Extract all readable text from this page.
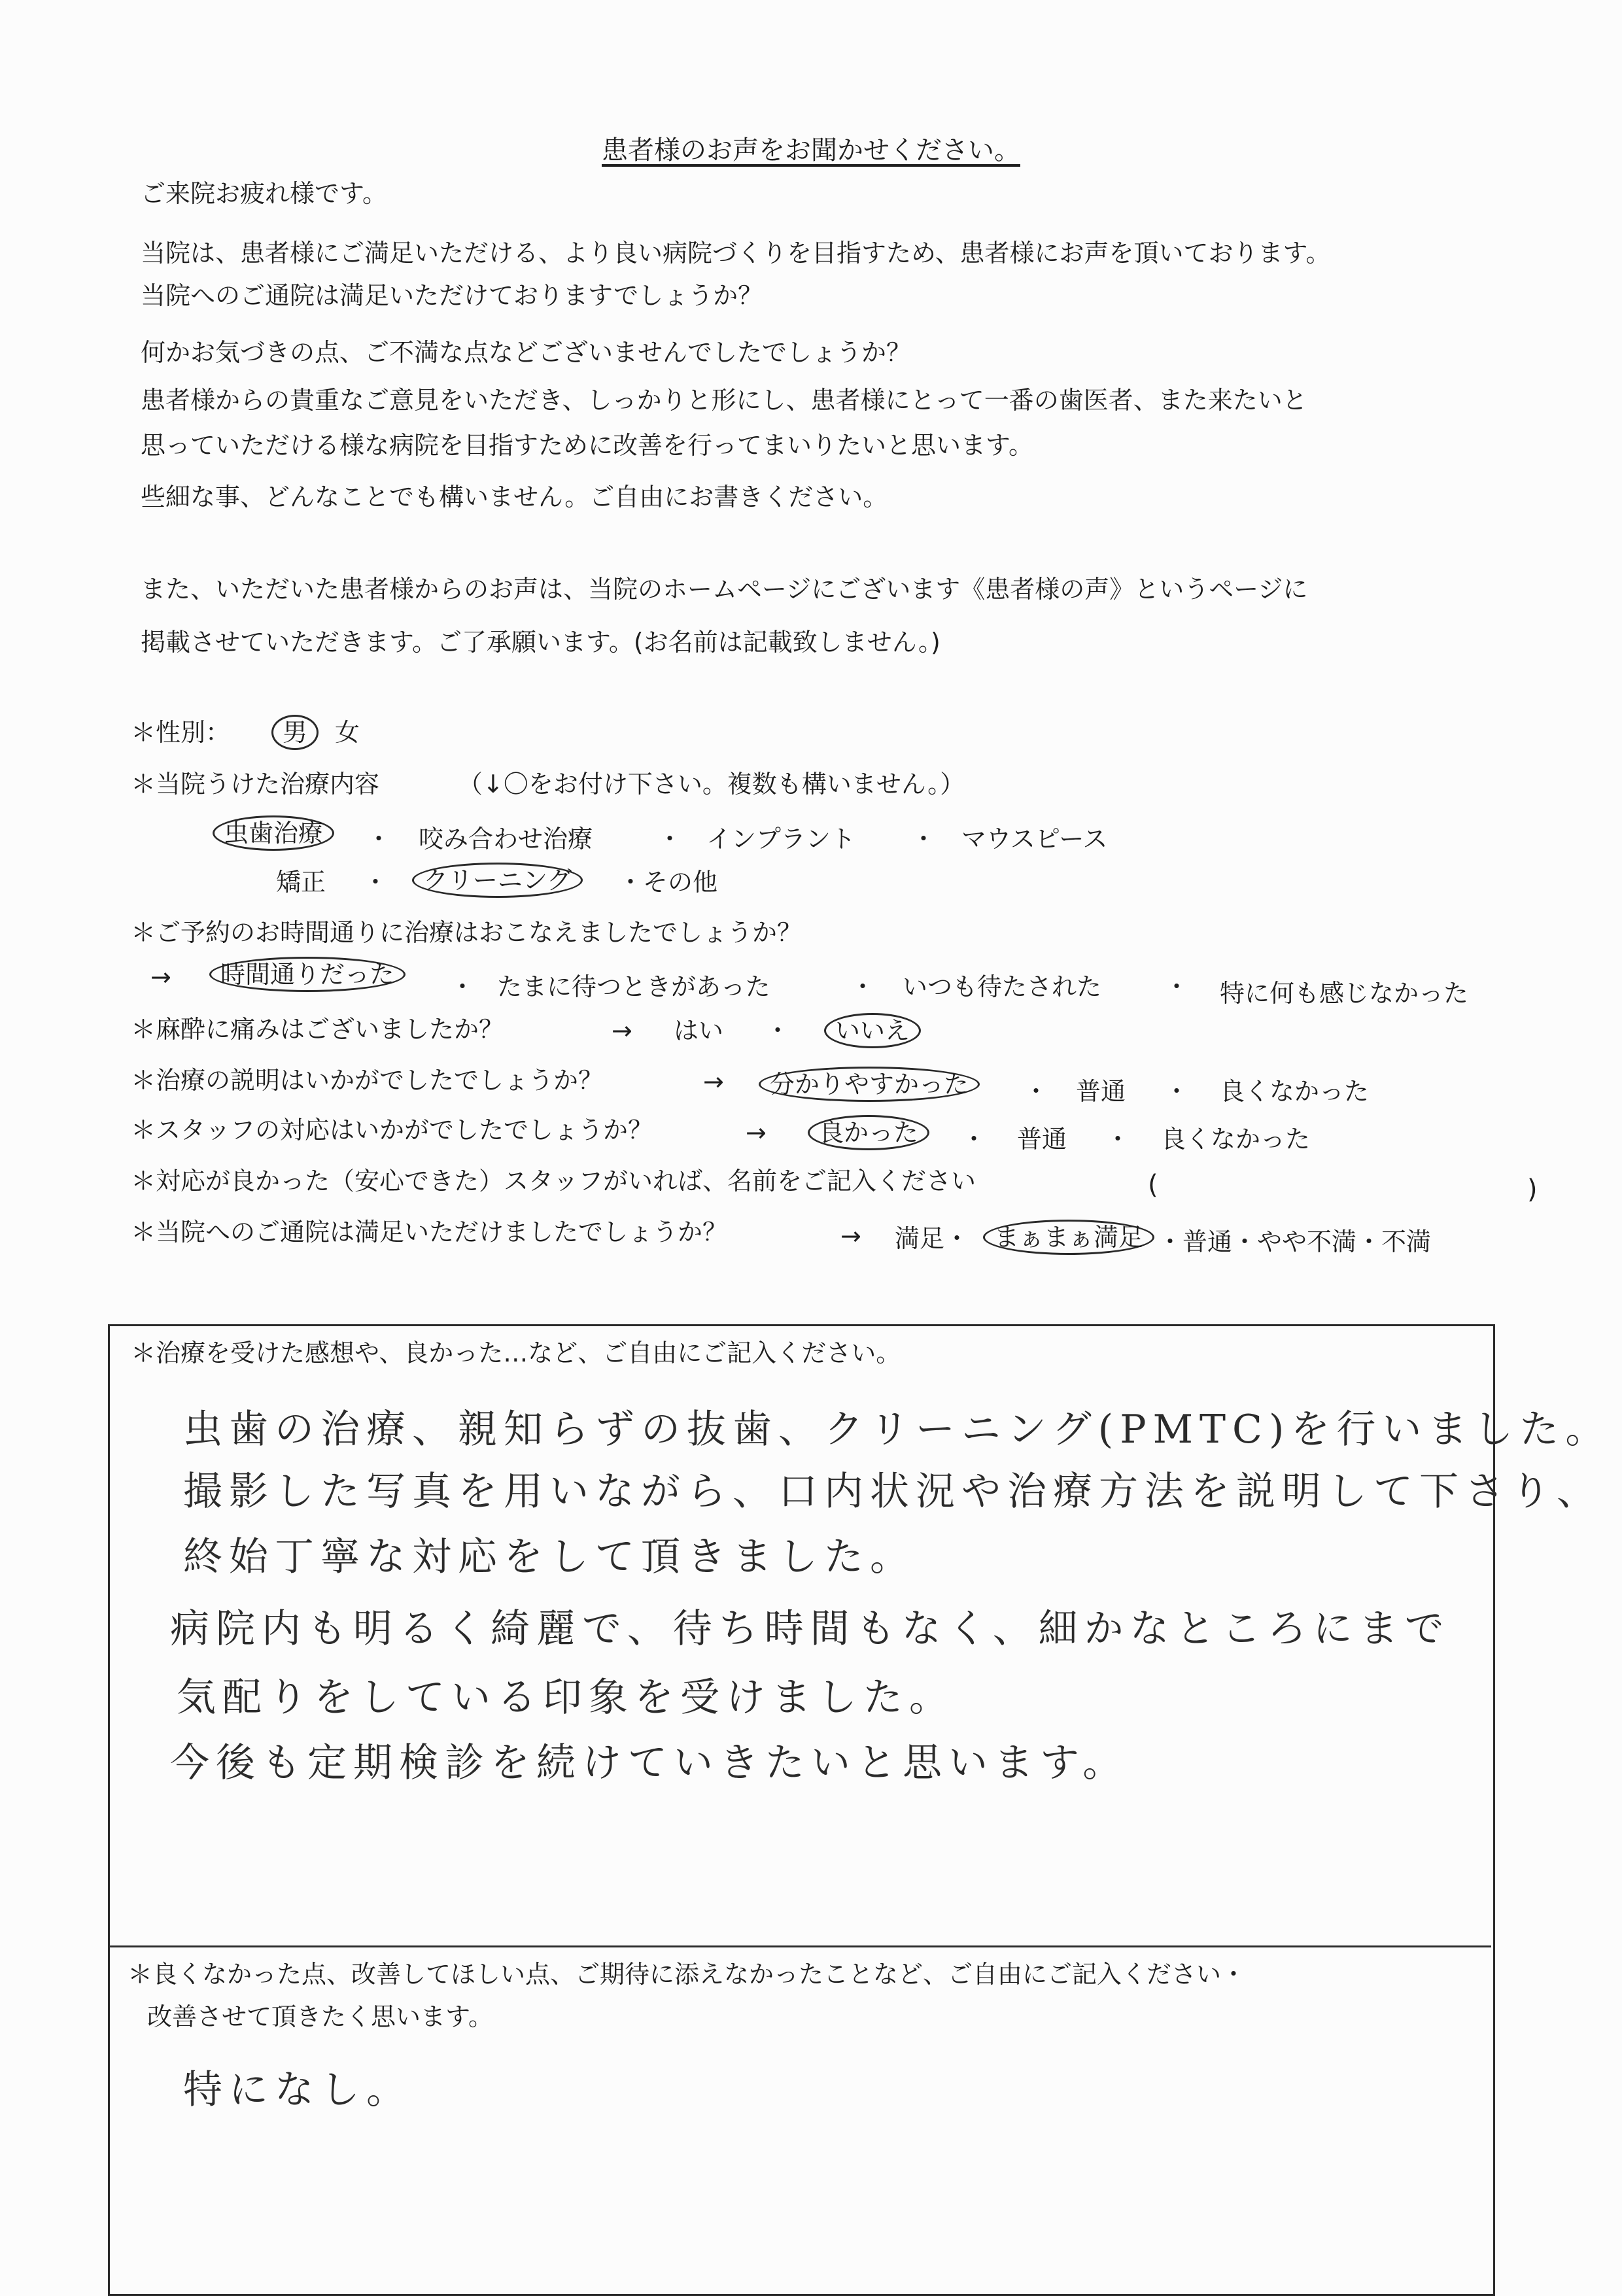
患者様のお声をお聞かせください。
ご来院お疲れ様です。
当院は、患者様にご満足いただける、より良い病院づくりを目指すため、患者様にお声を頂いております。
当院へのご通院は満足いただけておりますでしょうか？
何かお気づきの点、ご不満な点などございませんでしたでしょうか？
患者様からの貴重なご意見をいただき、しっかりと形にし、患者様にとって一番の歯医者、また来たいと
思っていただける様な病院を目指すために改善を行ってまいりたいと思います。
些細な事、どんなことでも構いません。ご自由にお書きください。
また、いただいた患者様からのお声は、当院のホームページにございます《患者様の声》というページに
掲載させていただきます。ご了承願います。(お名前は記載致しません。)
＊性別： 男 女
＊当院うけた治療内容	（↓〇をお付け下さい。複数も構いません。）
虫歯治療 ・ 咬み合わせ治療	・ インプラント ・ マウスピース
矯正 ・ クリーニング ・その他
＊ご予約のお時間通りに治療はおこなえましたでしょうか？
→ 時間通りだった ・ たまに待つときがあった	・ いつも待たされた	・ 特に何も感じなかった
＊麻酔に痛みはございましたか？	→ はい ・ いいえ
＊治療の説明はいかがでしたでしょうか？	→ 分かりやすかった ・ 普通 ・ 良くなかった
＊スタッフの対応はいかがでしたでしょうか？	→ 良かった ・ 普通 ・ 良くなかった
＊対応が良かった（安心できた）スタッフがいれば、名前をご記入ください	(	)
＊当院へのご通院は満足いただけましたでしょうか？	→ 満足・ まぁまぁ満足 ・普通・やや不満・不満
＊治療を受けた感想や、良かった…など、ご自由にご記入ください。
虫歯の治療、親知らずの抜歯、クリーニング(PMTC)を行いました。
撮影した写真を用いながら、口内状況や治療方法を説明して下さり、
終始丁寧な対応をして頂きました。
病院内も明るく綺麗で、待ち時間もなく、細かなところにまで
気配りをしている印象を受けました。
今後も定期検診を続けていきたいと思います。
＊良くなかった点、改善してほしい点、ご期待に添えなかったことなど、ご自由にご記入ください・
改善させて頂きたく思います。
特になし。
